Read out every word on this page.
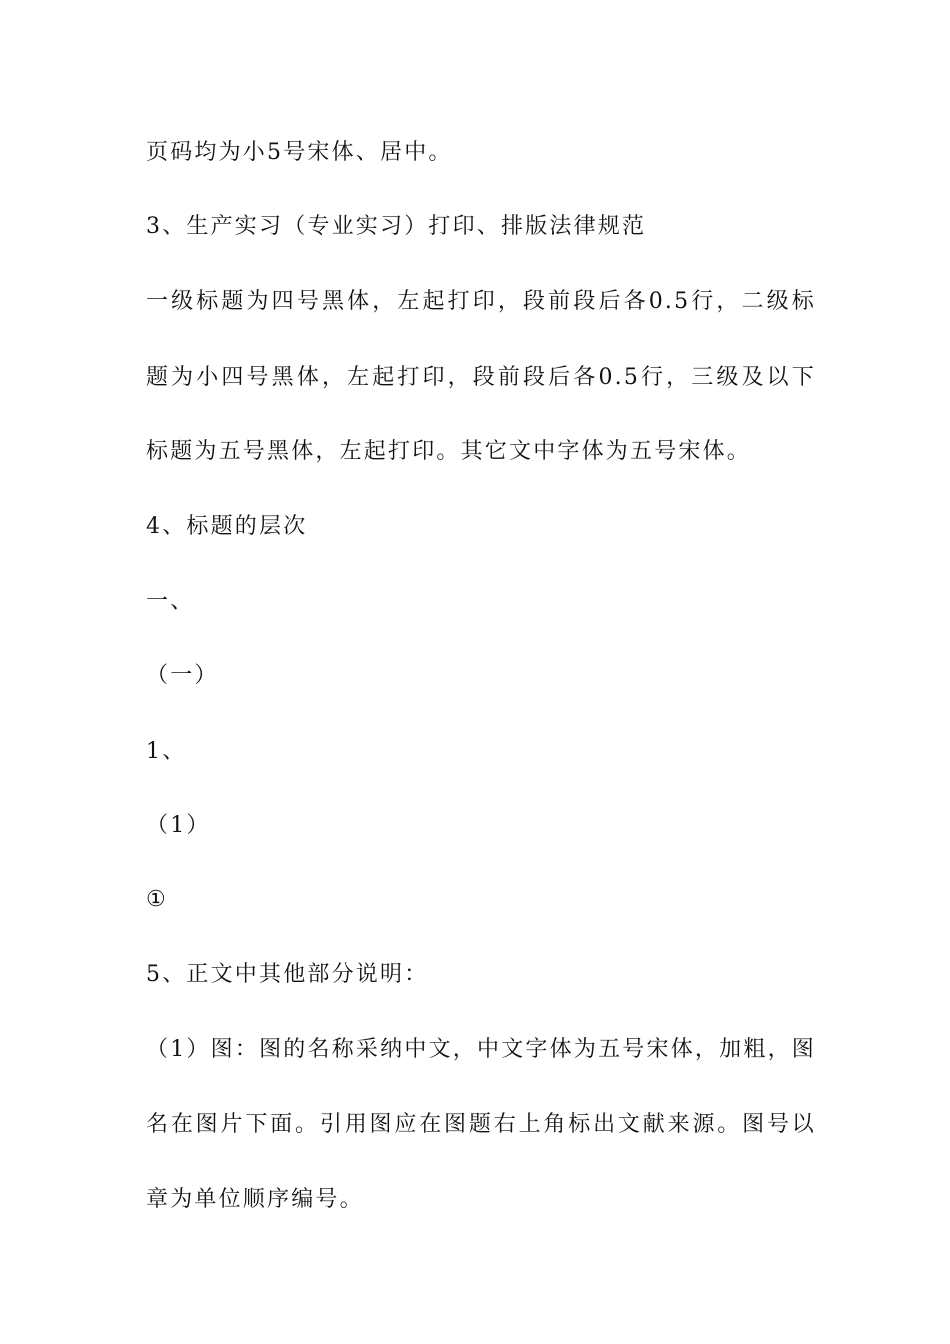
页码均为小5号宋体、居中。
3、生产实习（专业实习）打印、排版法律规范
一级标题为四号黑体，左起打印，段前段后各0.5行，二级标
题为小四号黑体，左起打印，段前段后各0.5行，三级及以下
标题为五号黑体，左起打印。其它文中字体为五号宋体。
4、标题的层次
一、
（一）
1、
（1）
①
5、正文中其他部分说明：
（1）图：图的名称采纳中文，中文字体为五号宋体，加粗，图
名在图片下面。引用图应在图题右上角标出文献来源。图号以
章为单位顺序编号。
